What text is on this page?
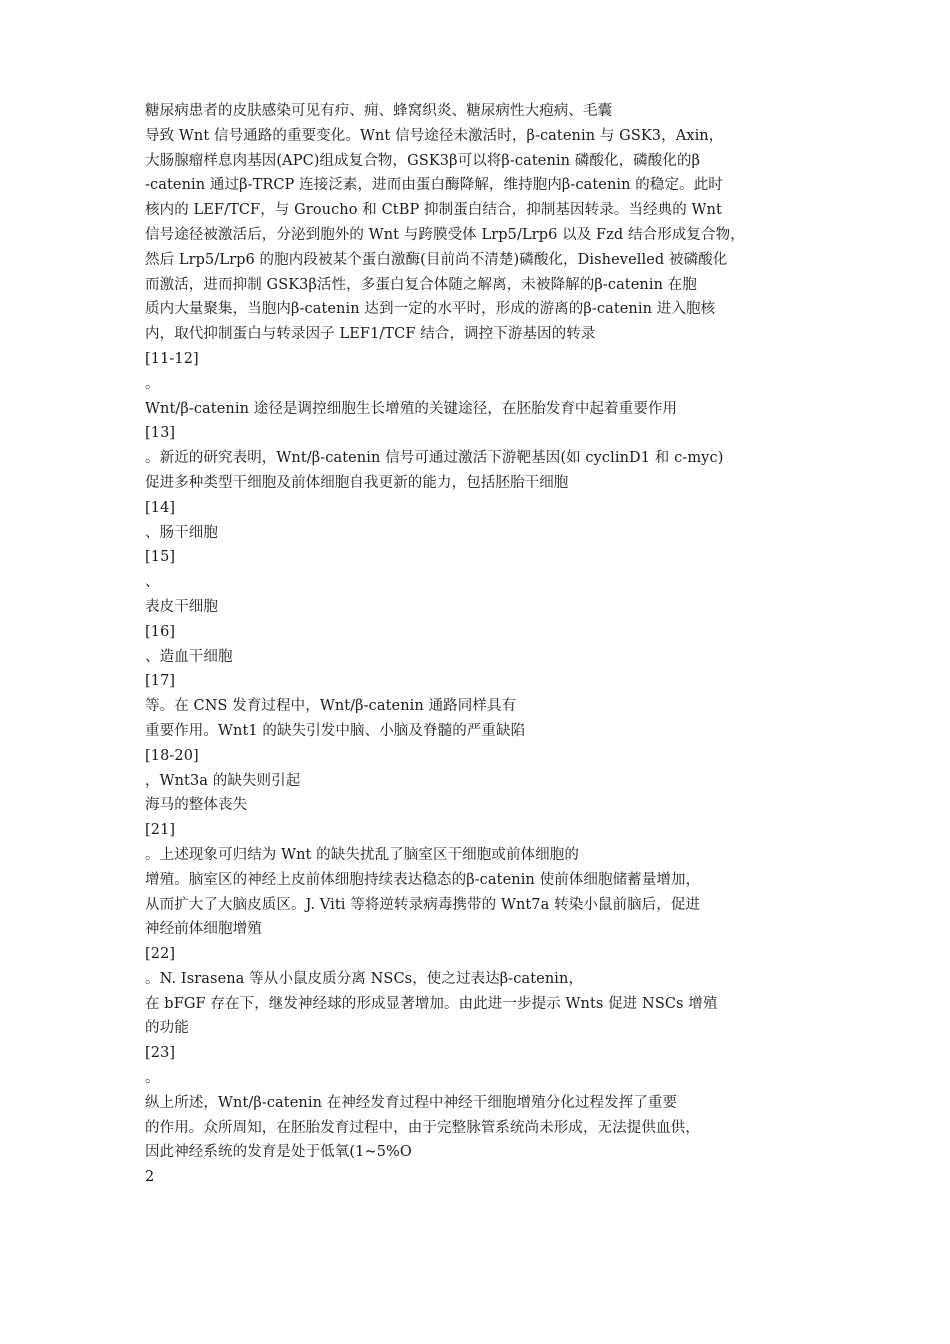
糖尿病患者的皮肤感染可见有疖、痈、蜂窝织炎、糖尿病性大疱病、毛囊
导致 Wnt 信号通路的重要变化。Wnt 信号途径未激活时，β-catenin 与 GSK3，Axin，
大肠腺瘤样息肉基因(APC)组成复合物，GSK3β可以将β-catenin 磷酸化，磷酸化的β
-catenin 通过β-TRCP 连接泛素，进而由蛋白酶降解，维持胞内β-catenin 的稳定。此时
核内的 LEF/TCF，与 Groucho 和 CtBP 抑制蛋白结合，抑制基因转录。当经典的 Wnt
信号途径被激活后，分泌到胞外的 Wnt 与跨膜受体 Lrp5/Lrp6 以及 Fzd 结合形成复合物，
然后 Lrp5/Lrp6 的胞内段被某个蛋白激酶(目前尚不清楚)磷酸化，Dishevelled 被磷酸化
而激活，进而抑制 GSK3β活性，多蛋白复合体随之解离，未被降解的β-catenin 在胞
质内大量聚集，当胞内β-catenin 达到一定的水平时，形成的游离的β-catenin 进入胞核
内，取代抑制蛋白与转录因子 LEF1/TCF 结合，调控下游基因的转录
[11-12]
。
Wnt/β-catenin 途径是调控细胞生长增殖的关键途径，在胚胎发育中起着重要作用
[13]
。新近的研究表明，Wnt/β-catenin 信号可通过激活下游靶基因(如 cyclinD1 和 c-myc)
促进多种类型干细胞及前体细胞自我更新的能力，包括胚胎干细胞
[14]
、肠干细胞
[15]
、
表皮干细胞
[16]
、造血干细胞
[17]
等。在 CNS 发育过程中，Wnt/β-catenin 通路同样具有
重要作用。Wnt1 的缺失引发中脑、小脑及脊髓的严重缺陷
[18-20]
，Wnt3a 的缺失则引起
海马的整体丧失
[21]
。上述现象可归结为 Wnt 的缺失扰乱了脑室区干细胞或前体细胞的
增殖。脑室区的神经上皮前体细胞持续表达稳态的β-catenin 使前体细胞储蓄量增加，
从而扩大了大脑皮质区。J. Viti 等将逆转录病毒携带的 Wnt7a 转染小鼠前脑后，促进
神经前体细胞增殖
[22]
。N. Israsena 等从小鼠皮质分离 NSCs，使之过表达β-catenin，
在 bFGF 存在下，继发神经球的形成显著增加。由此进一步提示 Wnts 促进 NSCs 增殖
的功能
[23]
。
纵上所述，Wnt/β-catenin 在神经发育过程中神经干细胞增殖分化过程发挥了重要
的作用。众所周知，在胚胎发育过程中，由于完整脉管系统尚未形成，无法提供血供，
因此神经系统的发育是处于低氧(1~5%O
2
